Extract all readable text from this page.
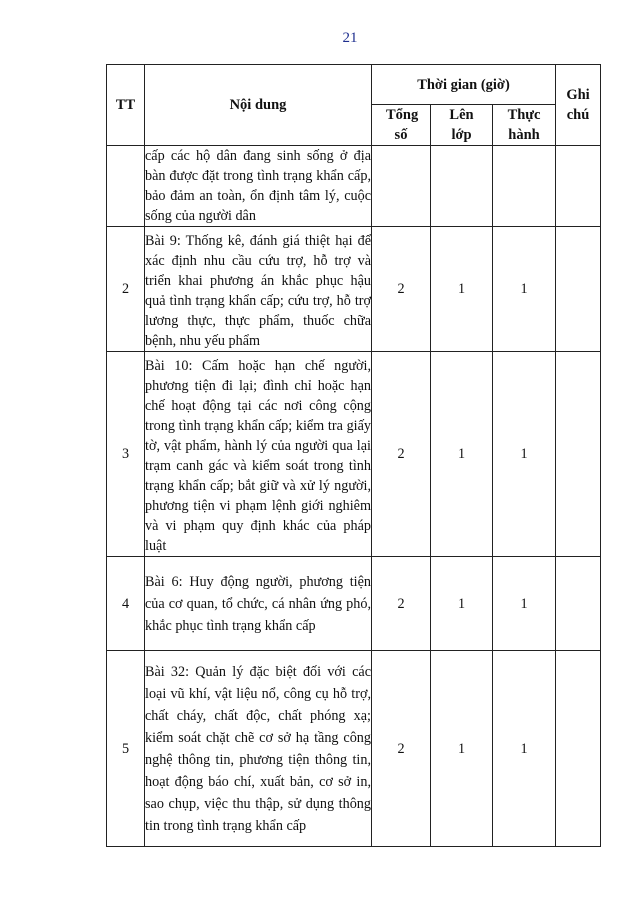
21
TT	Nội dung	Thời gian (giờ)			Ghi chú

		Tổng số	Lên lớp	Thực hành	

	cấp các hộ dân đang sinh sống ở địa bàn được đặt trong tình trạng khẩn cấp, bảo đảm an toàn, ổn định tâm lý, cuộc sống của người dân				

2	Bài 9: Thống kê, đánh giá thiệt hại để xác định nhu cầu cứu trợ, hỗ trợ và triển khai phương án khắc phục hậu quả tình trạng khẩn cấp; cứu trợ, hỗ trợ lương thực, thực phẩm, thuốc chữa bệnh, nhu yếu phẩm	2	1	1	
3	Bài 10: Cấm hoặc hạn chế người, phương tiện đi lại; đình chỉ hoặc hạn chế hoạt động tại các nơi công cộng trong tình trạng khẩn cấp; kiểm tra giấy tờ, vật phẩm, hành lý của người qua lại trạm canh gác và kiểm soát trong tình trạng khẩn cấp; bắt giữ và xử lý người, phương tiện vi phạm lệnh giới nghiêm và vi phạm quy định khác của pháp luật	2	1	1	
4	Bài 6: Huy động người, phương tiện của cơ quan, tổ chức, cá nhân ứng phó, khắc phục tình trạng khẩn cấp	2	1	1	
5	Bài 32: Quản lý đặc biệt đối với các loại vũ khí, vật liệu nổ, công cụ hỗ trợ, chất cháy, chất độc, chất phóng xạ; kiểm soát chặt chẽ cơ sở hạ tầng công nghệ thông tin, phương tiện thông tin, hoạt động báo chí, xuất bản, cơ sở in, sao chụp, việc thu thập, sử dụng thông tin trong tình trạng khẩn cấp	2	1	1	
